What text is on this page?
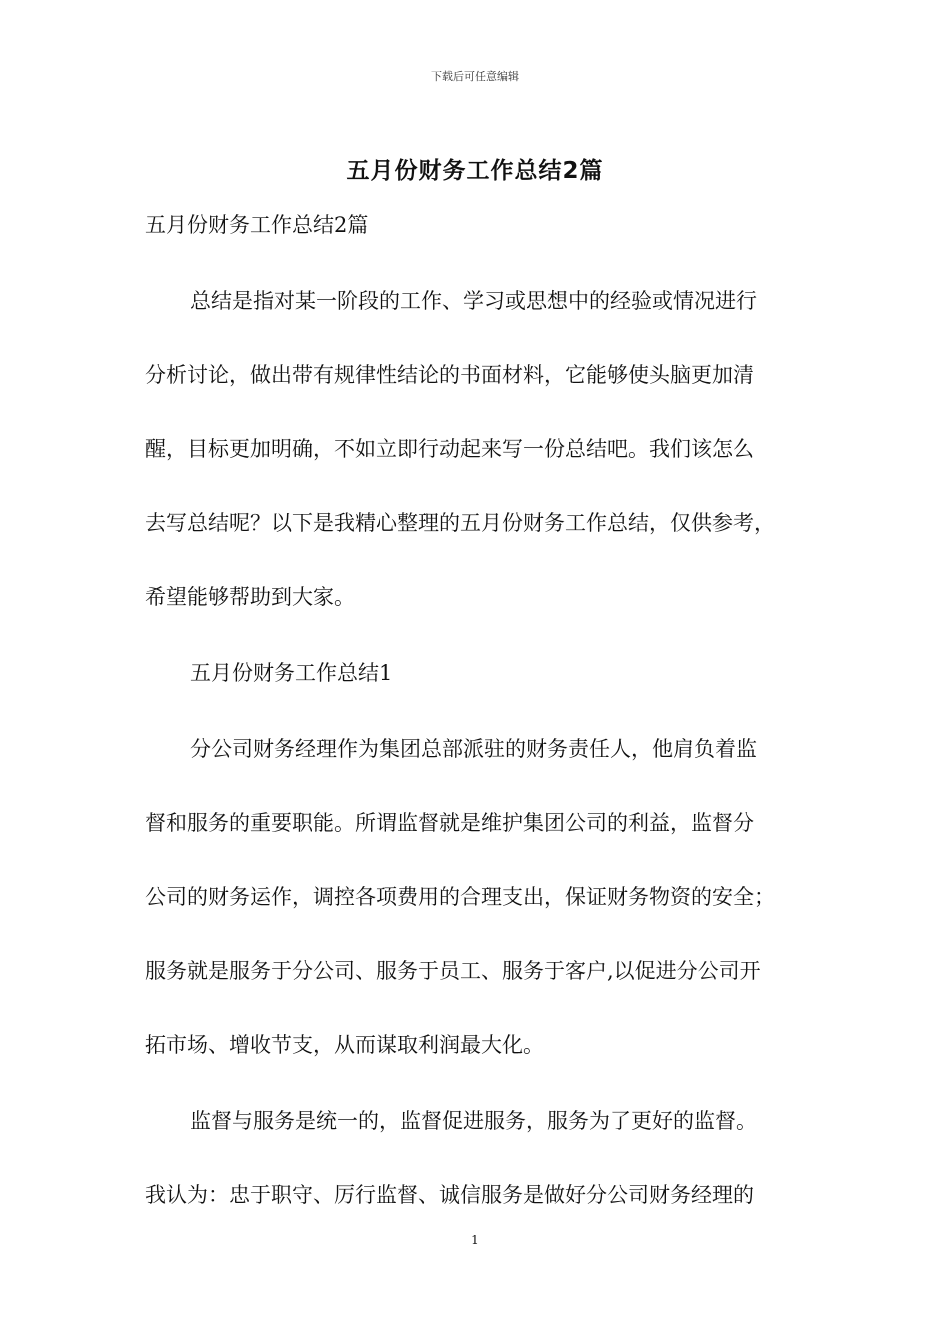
下载后可任意编辑
五月份财务工作总结2篇
五月份财务工作总结2篇
总结是指对某一阶段的工作、学习或思想中的经验或情况进行
分析讨论，做出带有规律性结论的书面材料，它能够使头脑更加清
醒，目标更加明确，不如立即行动起来写一份总结吧。我们该怎么
去写总结呢？以下是我精心整理的五月份财务工作总结，仅供参考，
希望能够帮助到大家。
五月份财务工作总结1
分公司财务经理作为集团总部派驻的财务责任人，他肩负着监
督和服务的重要职能。所谓监督就是维护集团公司的利益，监督分
公司的财务运作，调控各项费用的合理支出，保证财务物资的安全；
服务就是服务于分公司、服务于员工、服务于客户,以促进分公司开
拓市场、增收节支，从而谋取利润最大化。
监督与服务是统一的，监督促进服务，服务为了更好的监督。
我认为：忠于职守、厉行监督、诚信服务是做好分公司财务经理的
1
